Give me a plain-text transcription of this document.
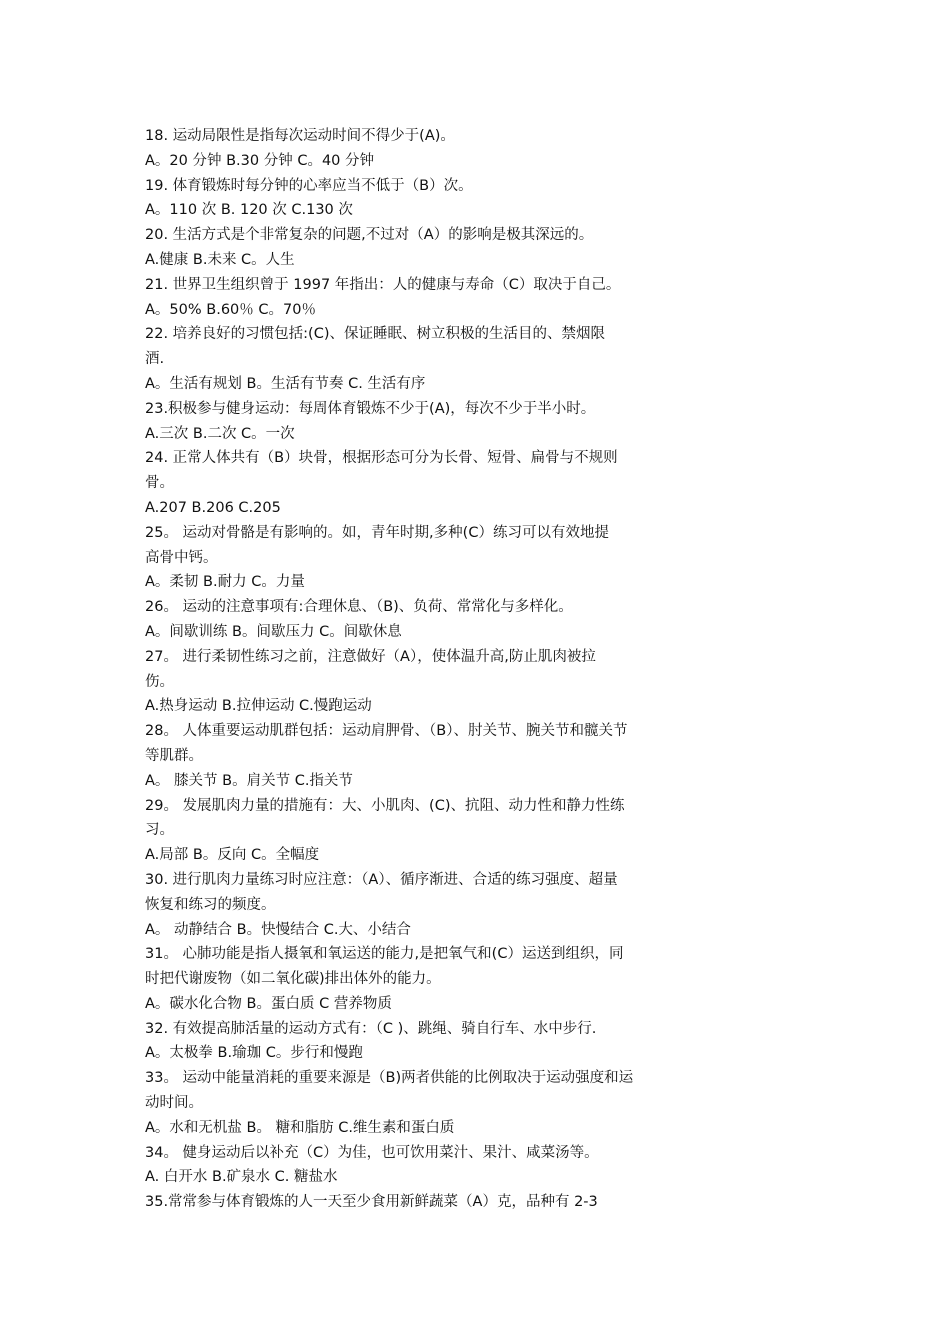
18. 运动局限性是指每次运动时间不得少于(A)。
A。20 分钟 B.30 分钟 C。40 分钟
19. 体育锻炼时每分钟的心率应当不低于（B）次。
A。110 次 B. 120 次 C.130 次
20. 生活方式是个非常复杂的问题,不过对（A）的影响是极其深远的。
A.健康 B.未来 C。人生
21. 世界卫生组织曾于 1997 年指出：人的健康与寿命（C）取决于自己。
A。50% B.60％ C。70％
22. 培养良好的习惯包括:(C)、保证睡眠、树立积极的生活目的、禁烟限
酒.
A。生活有规划 B。生活有节奏 C. 生活有序
23.积极参与健身运动：每周体育锻炼不少于(A)，每次不少于半小时。
A.三次 B.二次 C。一次
24. 正常人体共有（B）块骨，根据形态可分为长骨、短骨、扁骨与不规则
骨。
A.207 B.206 C.205
25。 运动对骨骼是有影响的。如，青年时期,多种(C）练习可以有效地提
高骨中钙。
A。柔韧 B.耐力 C。力量
26。 运动的注意事项有:合理休息、（B)、负荷、常常化与多样化。
A。间歇训练 B。间歇压力 C。间歇休息
27。 进行柔韧性练习之前，注意做好（A），使体温升高,防止肌肉被拉
伤。
A.热身运动 B.拉伸运动 C.慢跑运动
28。 人体重要运动肌群包括：运动肩胛骨、（B）、肘关节、腕关节和髋关节
等肌群。
A。 膝关节 B。肩关节 C.指关节
29。 发展肌肉力量的措施有：大、小肌肉、(C)、抗阻、动力性和静力性练
习。
A.局部 B。反向 C。全幅度
30. 进行肌肉力量练习时应注意：（A）、循序渐进、合适的练习强度、超量
恢复和练习的频度。
A。 动静结合 B。快慢结合 C.大、小结合
31。 心肺功能是指人摄氧和氧运送的能力,是把氧气和(C）运送到组织，同
时把代谢废物（如二氧化碳)排出体外的能力。
A。碳水化合物 B。蛋白质 C 营养物质
32. 有效提高肺活量的运动方式有：（C )、跳绳、骑自行车、水中步行.
A。太极拳 B.瑜珈 C。步行和慢跑
33。 运动中能量消耗的重要来源是（B)两者供能的比例取决于运动强度和运
动时间。
A。水和无机盐 B。 糖和脂肪 C.维生素和蛋白质
34。 健身运动后以补充（C）为佳，也可饮用菜汁、果汁、咸菜汤等。
A. 白开水 B.矿泉水 C. 糖盐水
35.常常参与体育锻炼的人一天至少食用新鲜蔬菜（A）克，品种有 2-3
